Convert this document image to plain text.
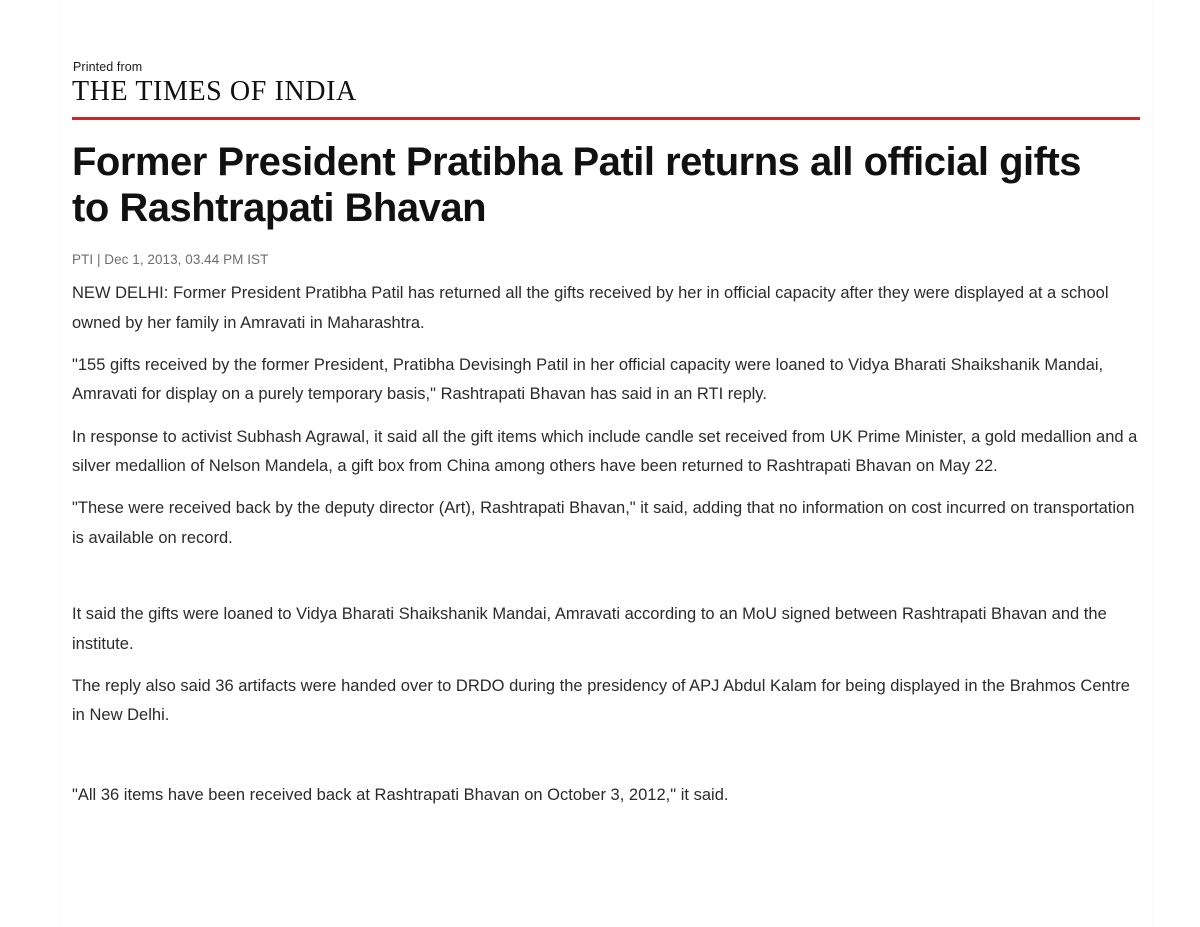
Printed from
THE TIMES OF INDIA
Former President Pratibha Patil returns all official gifts to Rashtrapati Bhavan

PTI | Dec 1, 2013, 03.44 PM IST

NEW DELHI: Former President Pratibha Patil has returned all the gifts received by her in official capacity after they were displayed at a school owned by her family in Amravati in Maharashtra.

"155 gifts received by the former President, Pratibha Devisingh Patil in her official capacity were loaned to Vidya Bharati Shaikshanik Mandai, Amravati for display on a purely temporary basis," Rashtrapati Bhavan has said in an RTI reply.

In response to activist Subhash Agrawal, it said all the gift items which include candle set received from UK Prime Minister, a gold medallion and a silver medallion of Nelson Mandela, a gift box from China among others have been returned to Rashtrapati Bhavan on May 22.

"These were received back by the deputy director (Art), Rashtrapati Bhavan," it said, adding that no information on cost incurred on transportation is available on record.

It said the gifts were loaned to Vidya Bharati Shaikshanik Mandai, Amravati according to an MoU signed between Rashtrapati Bhavan and the institute.

The reply also said 36 artifacts were handed over to DRDO during the presidency of APJ Abdul Kalam for being displayed in the Brahmos Centre in New Delhi.

"All 36 items have been received back at Rashtrapati Bhavan on October 3, 2012," it said.
